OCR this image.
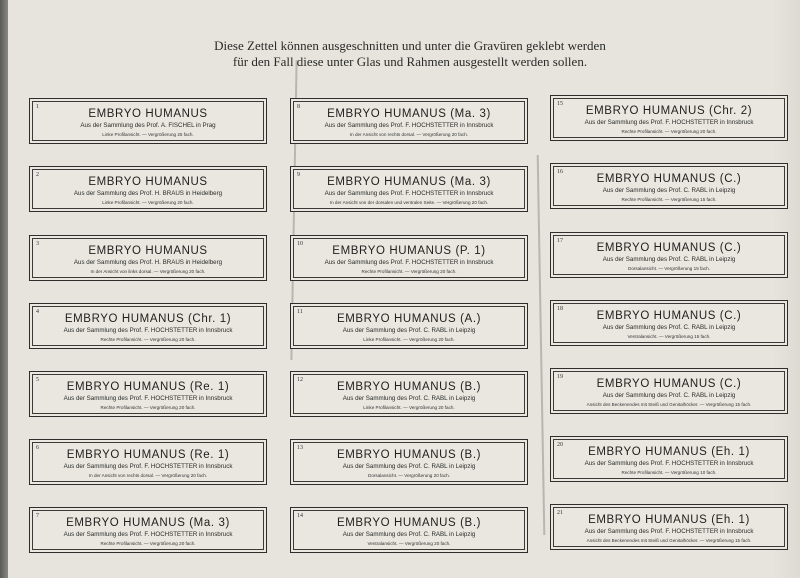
Diese Zettel können ausgeschnitten und unter die Gravüren geklebt werden
für den Fall diese unter Glas und Rahmen ausgestellt werden sollen.
1
EMBRYO HUMANUS
Aus der Sammlung des Prof. A. FISCHEL in Prag
Linke Profilansicht. — Vergrößerung 25 fach.
2
EMBRYO HUMANUS
Aus der Sammlung des Prof. H. BRAUS in Heidelberg
Linke Profilansicht. — Vergrößerung 20 fach.
3
EMBRYO HUMANUS
Aus der Sammlung des Prof. H. BRAUS in Heidelberg
In der Ansicht von links dorsal. — Vergrößerung 20 fach.
4
EMBRYO HUMANUS (Chr. 1)
Aus der Sammlung des Prof. F. HOCHSTETTER in Innsbruck
Rechte Profilansicht. — Vergrößerung 20 fach.
5
EMBRYO HUMANUS (Re. 1)
Aus der Sammlung des Prof. F. HOCHSTETTER in Innsbruck
Rechte Profilansicht. — Vergrößerung 20 fach.
6
EMBRYO HUMANUS (Re. 1)
Aus der Sammlung des Prof. F. HOCHSTETTER in Innsbruck
In der Ansicht von rechts dorsal. — Vergrößerung 20 fach.
7
EMBRYO HUMANUS (Ma. 3)
Aus der Sammlung des Prof. F. HOCHSTETTER in Innsbruck
Rechte Profilansicht. — Vergrößerung 20 fach.
8
EMBRYO HUMANUS (Ma. 3)
Aus der Sammlung des Prof. F. HOCHSTETTER in Innsbruck
In der Ansicht von rechts dorsal. — Vergrößerung 20 fach.
9
EMBRYO HUMANUS (Ma. 3)
Aus der Sammlung des Prof. F. HOCHSTETTER in Innsbruck
In der Ansicht von der dorsalen und ventralen Seite. — Vergrößerung 20 fach.
10
EMBRYO HUMANUS (P. 1)
Aus der Sammlung des Prof. F. HOCHSTETTER in Innsbruck
Rechte Profilansicht. — Vergrößerung 20 fach.
11
EMBRYO HUMANUS (A.)
Aus der Sammlung des Prof. C. RABL in Leipzig
Linke Profilansicht. — Vergrößerung 20 fach.
12
EMBRYO HUMANUS (B.)
Aus der Sammlung des Prof. C. RABL in Leipzig
Linke Profilansicht. — Vergrößerung 20 fach.
13
EMBRYO HUMANUS (B.)
Aus der Sammlung des Prof. C. RABL in Leipzig
Dorsalansicht. — Vergrößerung 20 fach.
14
EMBRYO HUMANUS (B.)
Aus der Sammlung des Prof. C. RABL in Leipzig
Ventralansicht. — Vergrößerung 20 fach.
15
EMBRYO HUMANUS (Chr. 2)
Aus der Sammlung des Prof. F. HOCHSTETTER in Innsbruck
Rechte Profilansicht. — Vergrößerung 20 fach.
16
EMBRYO HUMANUS (C.)
Aus der Sammlung des Prof. C. RABL in Leipzig
Rechte Profilansicht. — Vergrößerung 15 fach.
17
EMBRYO HUMANUS (C.)
Aus der Sammlung des Prof. C. RABL in Leipzig
Dorsalansicht. — Vergrößerung 15 fach.
18
EMBRYO HUMANUS (C.)
Aus der Sammlung des Prof. C. RABL in Leipzig
Ventralansicht. — Vergrößerung 15 fach.
19
EMBRYO HUMANUS (C.)
Aus der Sammlung des Prof. C. RABL in Leipzig
Ansicht des Beckenendes mit Steiß und Genitalhöcker. — Vergrößerung 15 fach.
20
EMBRYO HUMANUS (Eh. 1)
Aus der Sammlung des Prof. F. HOCHSTETTER in Innsbruck
Rechte Profilansicht. — Vergrößerung 10 fach.
21
EMBRYO HUMANUS (Eh. 1)
Aus der Sammlung des Prof. F. HOCHSTETTER in Innsbruck
Ansicht des Beckenendes mit Steiß und Genitalhöcker. — Vergrößerung 15 fach.
